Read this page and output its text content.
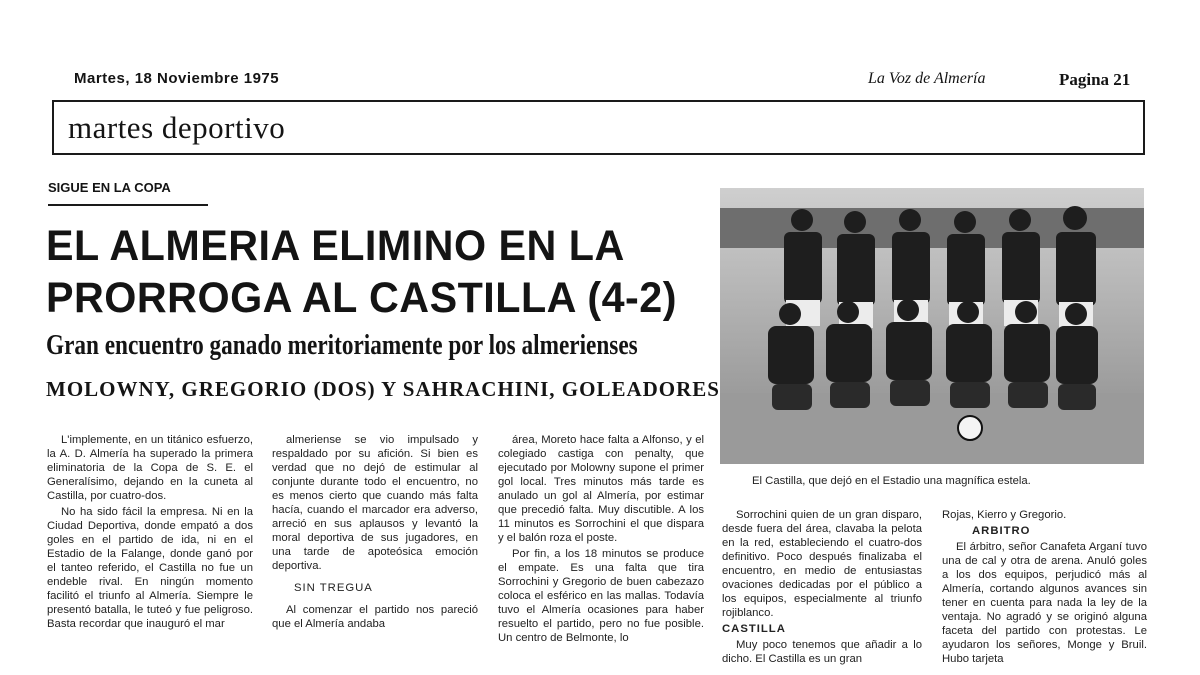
Martes, 18 Noviembre 1975	La Voz de Almería	Pagina 21
martes deportivo
SIGUE EN LA COPA
EL ALMERIA ELIMINO EN LA
PRORROGA AL CASTILLA (4-2)
Gran encuentro ganado meritoriamente por los almerienses
MOLOWNY, GREGORIO (DOS) Y SAHRACHINI, GOLEADORES
El Castilla, que dejó en el Estadio una magnífica estela.

L'implemente, en un titánico esfuerzo, la A. D. Almería ha superado la primera eliminatoria de la Copa de S. E. el Generalísimo, dejando en la cuneta al Castilla, por cuatro-dos.

No ha sido fácil la empresa. Ni en la Ciudad Deportiva, donde empató a dos goles en el partido de ida, ni en el Estadio de la Falange, donde ganó por el tanteo referido, el Castilla no fue un endeble rival. En ningún momento facilitó el triunfo al Almería. Siempre le presentó batalla, le tuteó y fue peligroso. Basta recordar que inauguró el mar

almeriense se vio impulsado y respaldado por su afición. Si bien es verdad que no dejó de estimular al conjunte durante todo el encuentro, no es menos cierto que cuando más falta hacía, cuando el marcador era adverso, arreció en sus aplausos y levantó la moral deportiva de sus jugadores, en una tarde de apoteósica emoción deportiva.

SIN TREGUA

Al comenzar el partido nos pareció que el Almería andaba

área, Moreto hace falta a Alfonso, y el colegiado castiga con penalty, que ejecutado por Molowny supone el primer gol local. Tres minutos más tarde es anulado un gol al Almería, por estimar que precedió falta. Muy discutible. A los 11 minutos es Sorrochini el que dispara y el balón roza el poste.

Por fin, a los 18 minutos se produce el empate. Es una falta que tira Sorrochini y Gregorio de buen cabezazo coloca el esférico en las mallas. Todavía tuvo el Almería ocasiones para haber resuelto el partido, pero no fue posible. Un centro de Belmonte, lo

Sorrochini quien de un gran disparo, desde fuera del área, clavaba la pelota en la red, estableciendo el cuatro-dos definitivo. Poco después finalizaba el encuentro, en medio de entusiastas ovaciones dedicadas por el público a los equipos, especialmente al triunfo rojiblanco.

CASTILLA

Muy poco tenemos que añadir a lo dicho. El Castilla es un gran

Rojas, Kierro y Gregorio.

ARBITRO

El árbitro, señor Canafeta Arganí tuvo una de cal y otra de arena. Anuló goles a los dos equipos, perjudicó más al Almería, cortando algunos avances sin tener en cuenta para nada la ley de la ventaja. No agradó y se originó alguna faceta del partido con protestas. Le ayudaron los señores, Monge y Bruil. Hubo tarjeta
